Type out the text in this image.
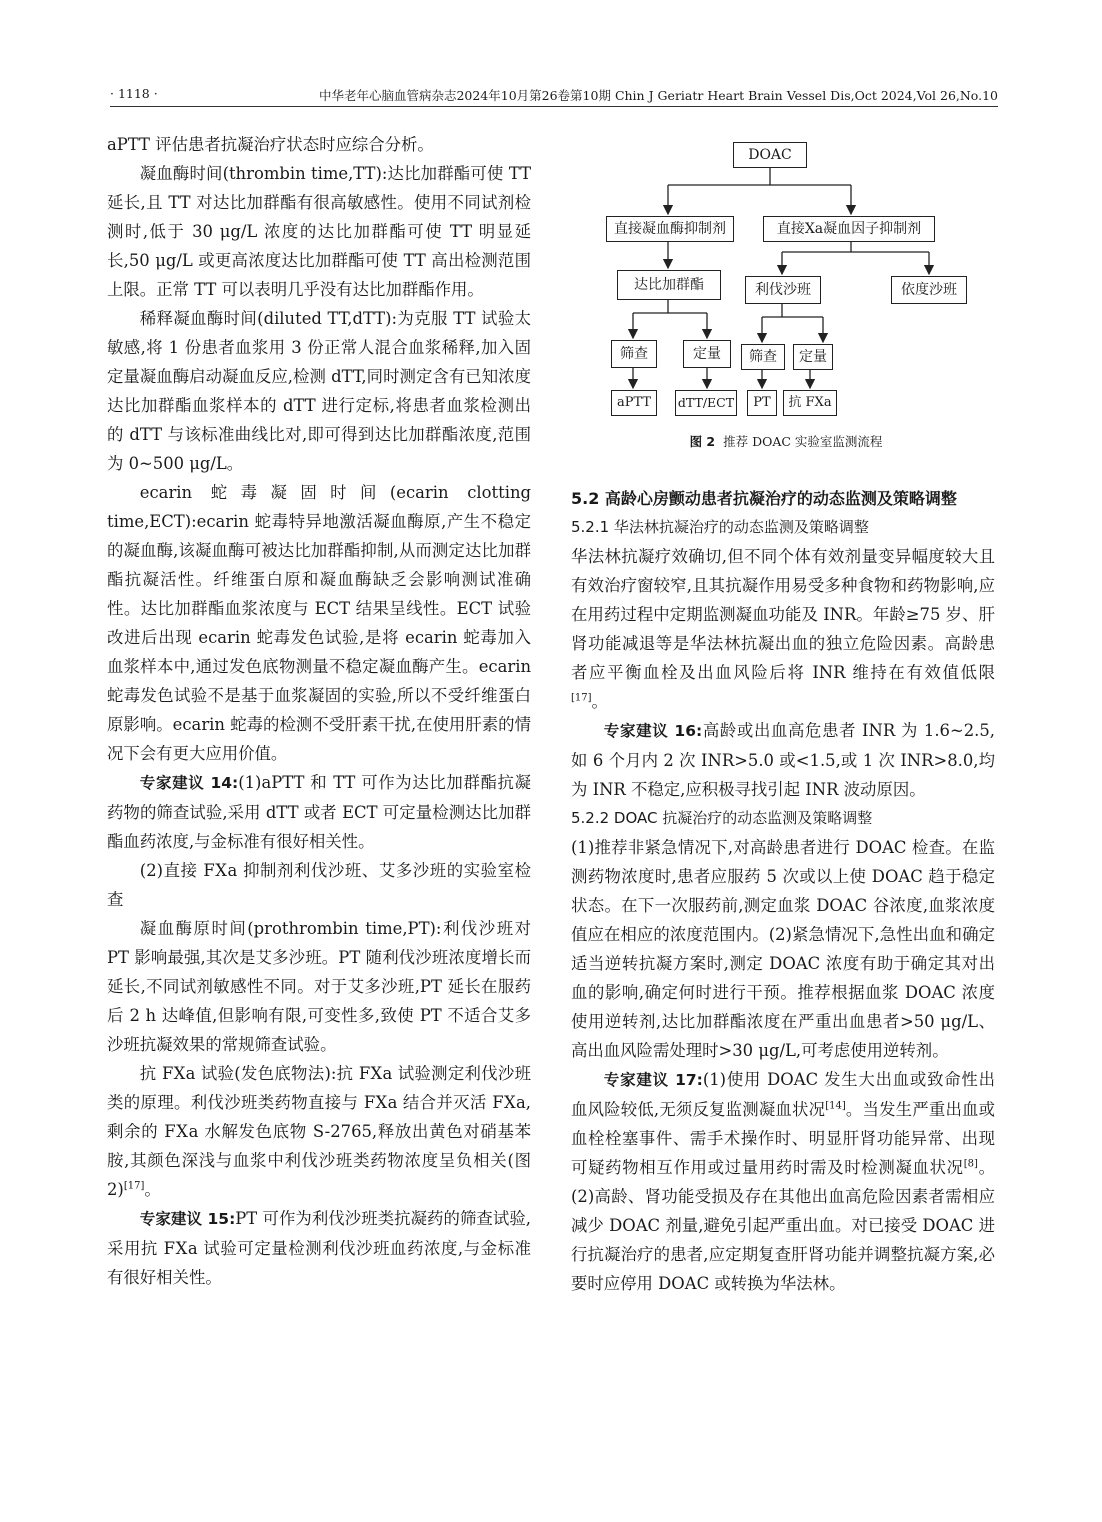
· 1118 ·	中华老年心脑血管病杂志2024年10月第26卷第10期 Chin J Geriatr Heart Brain Vessel Dis,Oct 2024,Vol 26,No.10

aPTT 评估患者抗凝治疗状态时应综合分析。

凝血酶时间(thrombin time,TT):达比加群酯可使 TT 延长,且 TT 对达比加群酯有很高敏感性。使用不同试剂检测时,低于 30 μg/L 浓度的达比加群酯可使 TT 明显延长,50 μg/L 或更高浓度达比加群酯可使 TT 高出检测范围上限。正常 TT 可以表明几乎没有达比加群酯作用。

稀释凝血酶时间(diluted TT,dTT):为克服 TT 试验太敏感,将 1 份患者血浆用 3 份正常人混合血浆稀释,加入固定量凝血酶启动凝血反应,检测 dTT,同时测定含有已知浓度达比加群酯血浆样本的 dTT 进行定标,将患者血浆检测出的 dTT 与该标准曲线比对,即可得到达比加群酯浓度,范围为 0~500 μg/L。

ecarin 蛇毒凝固时间(ecarin clotting time,ECT):ecarin 蛇毒特异地激活凝血酶原,产生不稳定的凝血酶,该凝血酶可被达比加群酯抑制,从而测定达比加群酯抗凝活性。纤维蛋白原和凝血酶缺乏会影响测试准确性。达比加群酯血浆浓度与 ECT 结果呈线性。ECT 试验改进后出现 ecarin 蛇毒发色试验,是将 ecarin 蛇毒加入血浆样本中,通过发色底物测量不稳定凝血酶产生。ecarin 蛇毒发色试验不是基于血浆凝固的实验,所以不受纤维蛋白原影响。ecarin 蛇毒的检测不受肝素干扰,在使用肝素的情况下会有更大应用价值。

专家建议 14:(1)aPTT 和 TT 可作为达比加群酯抗凝药物的筛查试验,采用 dTT 或者 ECT 可定量检测达比加群酯血药浓度,与金标准有很好相关性。

(2)直接 FⅩa 抑制剂利伐沙班、艾多沙班的实验室检查

凝血酶原时间(prothrombin time,PT):利伐沙班对 PT 影响最强,其次是艾多沙班。PT 随利伐沙班浓度增长而延长,不同试剂敏感性不同。对于艾多沙班,PT 延长在服药后 2 h 达峰值,但影响有限,可变性多,致使 PT 不适合艾多沙班抗凝效果的常规筛查试验。

抗 FⅩa 试验(发色底物法):抗 FⅩa 试验测定利伐沙班类的原理。利伐沙班类药物直接与 FⅩa 结合并灭活 FⅩa,剩余的 FⅩa 水解发色底物 S-2765,释放出黄色对硝基苯胺,其颜色深浅与血浆中利伐沙班类药物浓度呈负相关(图 2)[17]。

专家建议 15:PT 可作为利伐沙班类抗凝药的筛查试验,采用抗 FⅩa 试验可定量检测利伐沙班血药浓度,与金标准有很好相关性。

DOAC
直接凝血酶抑制剂	直接Ⅹa凝血因子抑制剂
达比加群酯	利伐沙班	依度沙班
筛查	定量	筛查	定量
aPTT	dTT/ECT	PT	抗 FⅩa
图 2 推荐 DOAC 实验室监测流程

5.2 高龄心房颤动患者抗凝治疗的动态监测及策略调整

5.2.1 华法林抗凝治疗的动态监测及策略调整

华法林抗凝疗效确切,但不同个体有效剂量变异幅度较大且有效治疗窗较窄,且其抗凝作用易受多种食物和药物影响,应在用药过程中定期监测凝血功能及 INR。年龄≥75 岁、肝肾功能减退等是华法林抗凝出血的独立危险因素。高龄患者应平衡血栓及出血风险后将 INR 维持在有效值低限[17]。

专家建议 16:高龄或出血高危患者 INR 为 1.6~2.5,如 6 个月内 2 次 INR>5.0 或<1.5,或 1 次 INR>8.0,均为 INR 不稳定,应积极寻找引起 INR 波动原因。

5.2.2 DOAC 抗凝治疗的动态监测及策略调整

(1)推荐非紧急情况下,对高龄患者进行 DOAC 检查。在监测药物浓度时,患者应服药 5 次或以上使 DOAC 趋于稳定状态。在下一次服药前,测定血浆 DOAC 谷浓度,血浆浓度值应在相应的浓度范围内。(2)紧急情况下,急性出血和确定适当逆转抗凝方案时,测定 DOAC 浓度有助于确定其对出血的影响,确定何时进行干预。推荐根据血浆 DOAC 浓度使用逆转剂,达比加群酯浓度在严重出血患者>50 μg/L、高出血风险需处理时>30 μg/L,可考虑使用逆转剂。

专家建议 17:(1)使用 DOAC 发生大出血或致命性出血风险较低,无须反复监测凝血状况[14]。当发生严重出血或血栓栓塞事件、需手术操作时、明显肝肾功能异常、出现可疑药物相互作用或过量用药时需及时检测凝血状况[8]。(2)高龄、肾功能受损及存在其他出血高危险因素者需相应减少 DOAC 剂量,避免引起严重出血。对已接受 DOAC 进行抗凝治疗的患者,应定期复查肝肾功能并调整抗凝方案,必要时应停用 DOAC 或转换为华法林。
